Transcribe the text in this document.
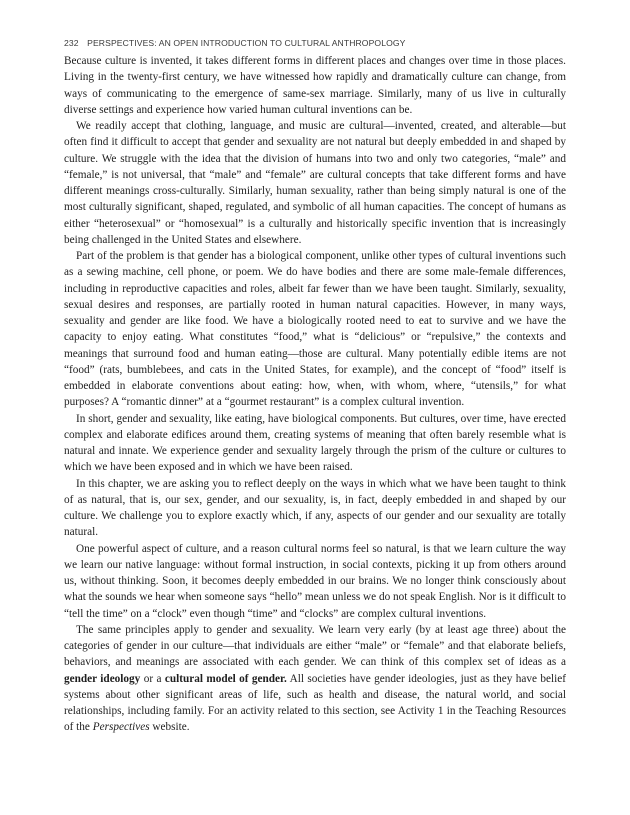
232 PERSPECTIVES: AN OPEN INTRODUCTION TO CULTURAL ANTHROPOLOGY

Because culture is invented, it takes different forms in different places and changes over time in those places. Living in the twenty-first century, we have witnessed how rapidly and dramatically culture can change, from ways of communicating to the emergence of same-sex marriage. Similarly, many of us live in culturally diverse settings and experience how varied human cultural inventions can be.

We readily accept that clothing, language, and music are cultural—invented, created, and alterable—but often find it difficult to accept that gender and sexuality are not natural but deeply embedded in and shaped by culture. We struggle with the idea that the division of humans into two and only two categories, “male” and “female,” is not universal, that “male” and “female” are cultural concepts that take different forms and have different meanings cross-culturally. Similarly, human sexuality, rather than being simply natural is one of the most culturally significant, shaped, regulated, and symbolic of all human capacities. The concept of humans as either “heterosexual” or “homosexual” is a culturally and historically specific invention that is increasingly being challenged in the United States and elsewhere.

Part of the problem is that gender has a biological component, unlike other types of cultural inventions such as a sewing machine, cell phone, or poem. We do have bodies and there are some male-female differences, including in reproductive capacities and roles, albeit far fewer than we have been taught. Similarly, sexuality, sexual desires and responses, are partially rooted in human natural capacities. However, in many ways, sexuality and gender are like food. We have a biologically rooted need to eat to survive and we have the capacity to enjoy eating. What constitutes “food,” what is “delicious” or “repulsive,” the contexts and meanings that surround food and human eating—those are cultural. Many potentially edible items are not “food” (rats, bumblebees, and cats in the United States, for example), and the concept of “food” itself is embedded in elaborate conventions about eating: how, when, with whom, where, “utensils,” for what purposes? A “romantic dinner” at a “gourmet restaurant” is a complex cultural invention.

In short, gender and sexuality, like eating, have biological components. But cultures, over time, have erected complex and elaborate edifices around them, creating systems of meaning that often barely resemble what is natural and innate. We experience gender and sexuality largely through the prism of the culture or cultures to which we have been exposed and in which we have been raised.

In this chapter, we are asking you to reflect deeply on the ways in which what we have been taught to think of as natural, that is, our sex, gender, and our sexuality, is, in fact, deeply embedded in and shaped by our culture. We challenge you to explore exactly which, if any, aspects of our gender and our sexuality are totally natural.

One powerful aspect of culture, and a reason cultural norms feel so natural, is that we learn culture the way we learn our native language: without formal instruction, in social contexts, picking it up from others around us, without thinking. Soon, it becomes deeply embedded in our brains. We no longer think consciously about what the sounds we hear when someone says “hello” mean unless we do not speak English. Nor is it difficult to “tell the time” on a “clock” even though “time” and “clocks” are complex cultural inventions.

The same principles apply to gender and sexuality. We learn very early (by at least age three) about the categories of gender in our culture—that individuals are either “male” or “female” and that elaborate beliefs, behaviors, and meanings are associated with each gender. We can think of this complex set of ideas as a gender ideology or a cultural model of gender. All societies have gender ideologies, just as they have belief systems about other significant areas of life, such as health and disease, the natural world, and social relationships, including family. For an activity related to this section, see Activity 1 in the Teaching Resources of the Perspectives website.
